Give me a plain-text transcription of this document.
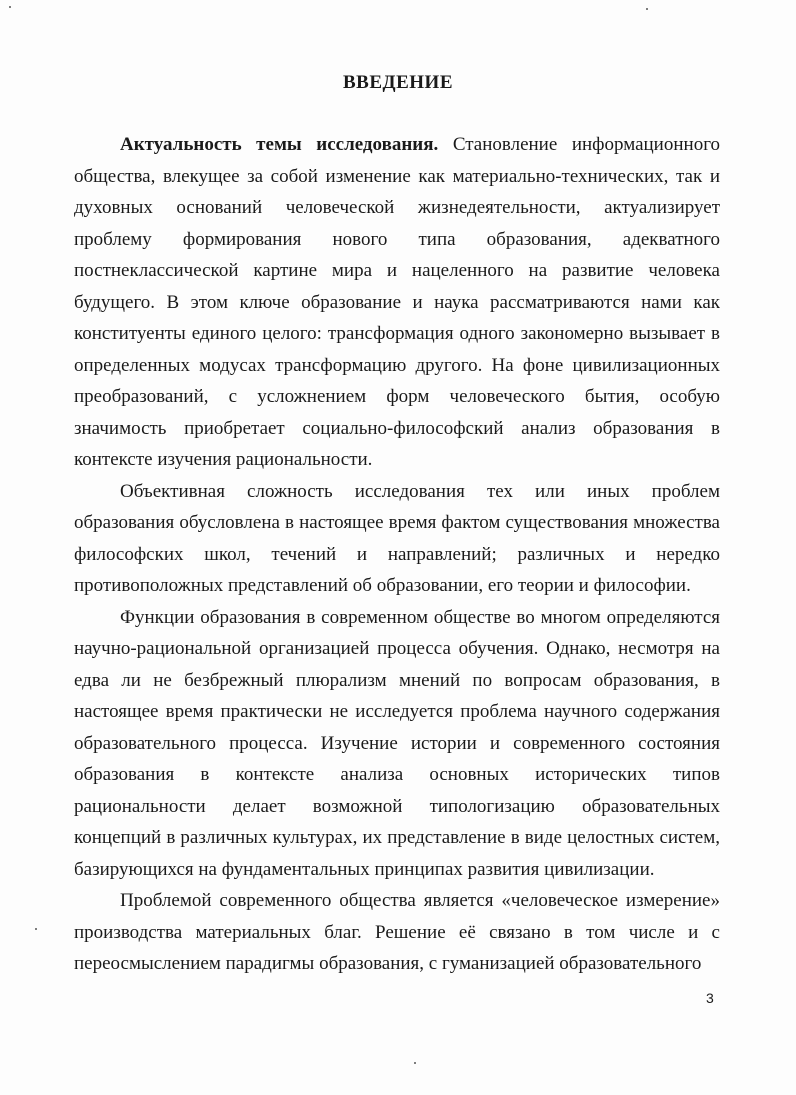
ВВЕДЕНИЕ

Актуальность темы исследования. Становление информационного общества, влекущее за собой изменение как материально-технических, так и духовных оснований человеческой жизнедеятельности, актуализирует проблему формирования нового типа образования, адекватного постнеклассической картине мира и нацеленного на развитие человека будущего. В этом ключе образование и наука рассматриваются нами как конституенты единого целого: трансформация одного закономерно вызывает в определенных модусах трансформацию другого. На фоне цивилизационных преобразований, с усложнением форм человеческого бытия, особую значимость приобретает социально-философский анализ образования в контексте изучения рациональности.

Объективная сложность исследования тех или иных проблем образования обусловлена в настоящее время фактом существования множества философских школ, течений и направлений; различных и нередко противоположных представлений об образовании, его теории и философии.

Функции образования в современном обществе во многом определяются научно-рациональной организацией процесса обучения. Однако, несмотря на едва ли не безбрежный плюрализм мнений по вопросам образования, в настоящее время практически не исследуется проблема научного содержания образовательного процесса. Изучение истории и современного состояния образования в контексте анализа основных исторических типов рациональности делает возможной типологизацию образовательных концепций в различных культурах, их представление в виде целостных систем, базирующихся на фундаментальных принципах развития цивилизации.

Проблемой современного общества является «человеческое измерение» производства материальных благ. Решение её связано в том числе и с переосмыслением парадигмы образования, с гуманизацией образовательного

3
